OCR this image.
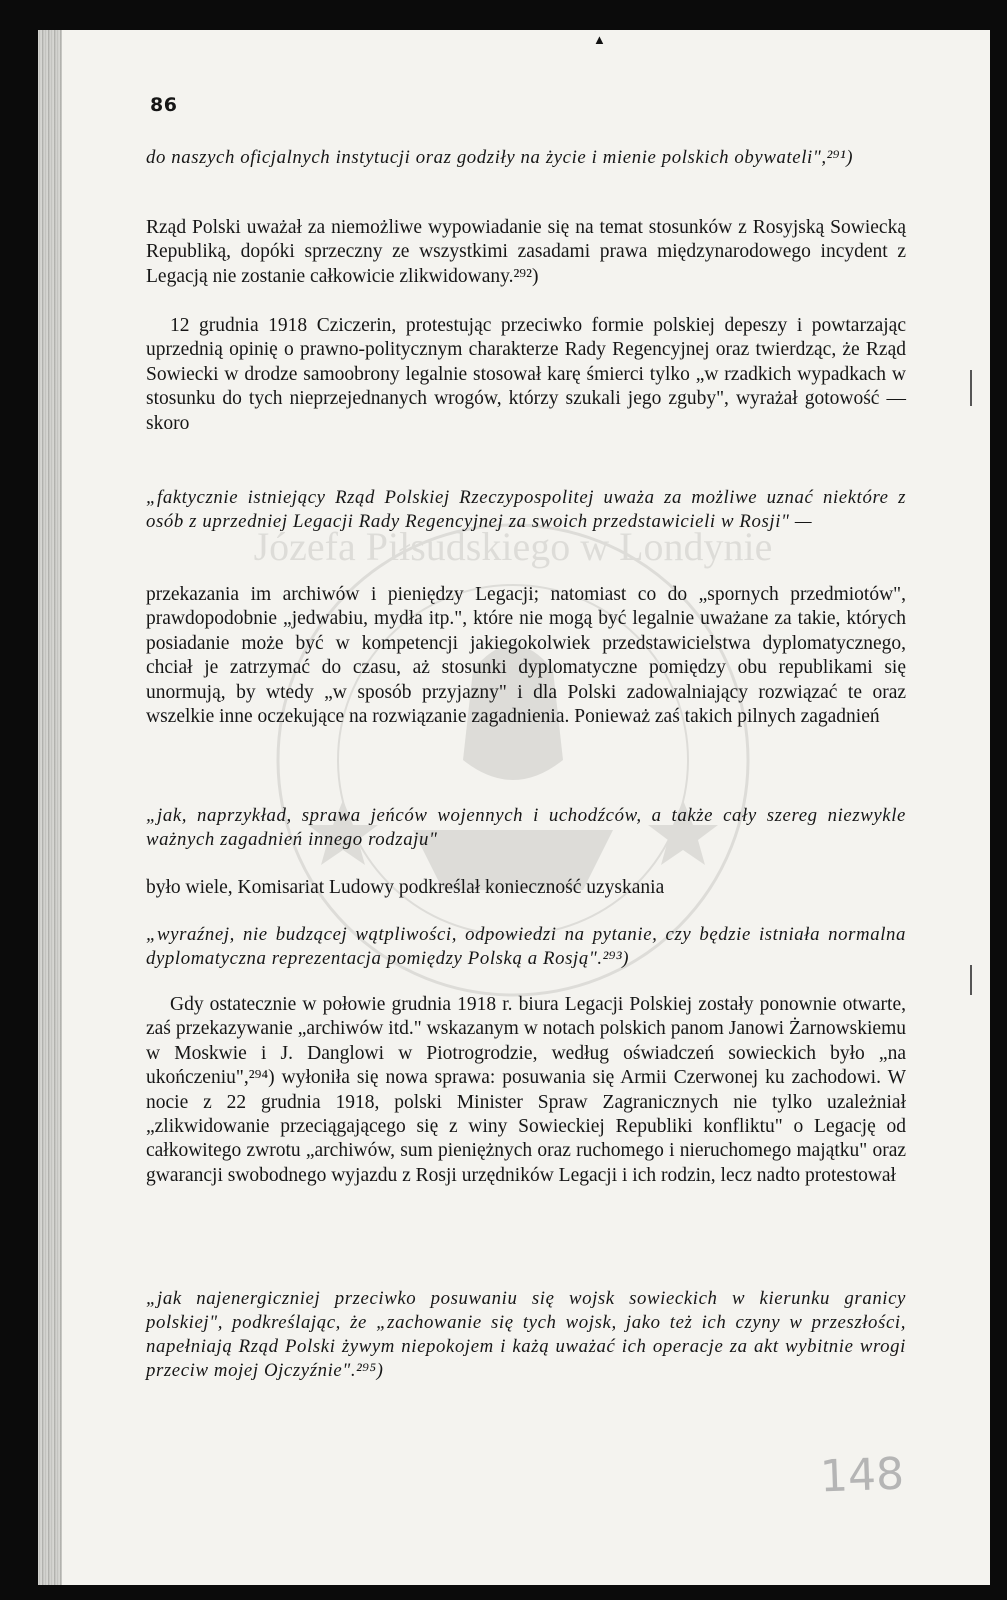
▲
Józefa Piłsudskiego w Londynie
86

do naszych oficjalnych instytucji oraz godziły na życie i mienie polskich obywateli",²⁹¹)

Rząd Polski uważał za niemożliwe wypowiadanie się na temat stosunków z Rosyjską Sowiecką Republiką, dopóki sprzeczny ze wszystkimi zasadami prawa międzynarodowego incydent z Legacją nie zostanie całkowicie zlikwidowany.²⁹²)

12 grudnia 1918 Cziczerin, protestując przeciwko formie polskiej depeszy i powtarzając uprzednią opinię o prawno-politycznym charakterze Rady Regencyjnej oraz twierdząc, że Rząd Sowiecki w drodze samoobrony legalnie stosował karę śmierci tylko „w rzadkich wypadkach w stosunku do tych nieprzejednanych wrogów, którzy szukali jego zguby", wyrażał gotowość — skoro

„faktycznie istniejący Rząd Polskiej Rzeczypospolitej uważa za możliwe uznać niektóre z osób z uprzedniej Legacji Rady Regencyjnej za swoich przedstawicieli w Rosji" —

przekazania im archiwów i pieniędzy Legacji; natomiast co do „spornych przedmiotów", prawdopodobnie „jedwabiu, mydła itp.", które nie mogą być legalnie uważane za takie, których posiadanie może być w kompetencji jakiegokolwiek przedstawicielstwa dyplomatycznego, chciał je zatrzymać do czasu, aż stosunki dyplomatyczne pomiędzy obu republikami się unormują, by wtedy „w sposób przyjazny" i dla Polski zadowalniający rozwiązać te oraz wszelkie inne oczekujące na rozwiązanie zagadnienia. Ponieważ zaś takich pilnych zagadnień

„jak, naprzykład, sprawa jeńców wojennych i uchodźców, a także cały szereg niezwykle ważnych zagadnień innego rodzaju"

było wiele, Komisariat Ludowy podkreślał konieczność uzyskania

„wyraźnej, nie budzącej wątpliwości, odpowiedzi na pytanie, czy będzie istniała normalna dyplomatyczna reprezentacja pomiędzy Polską a Rosją".²⁹³)

Gdy ostatecznie w połowie grudnia 1918 r. biura Legacji Polskiej zostały ponownie otwarte, zaś przekazywanie „archiwów itd." wskazanym w notach polskich panom Janowi Żarnowskiemu w Moskwie i J. Danglowi w Piotrogrodzie, według oświadczeń sowieckich było „na ukończeniu",²⁹⁴) wyłoniła się nowa sprawa: posuwania się Armii Czerwonej ku zachodowi. W nocie z 22 grudnia 1918, polski Minister Spraw Zagranicznych nie tylko uzależniał „zlikwidowanie przeciągającego się z winy Sowieckiej Republiki konfliktu" o Legację od całkowitego zwrotu „archiwów, sum pieniężnych oraz ruchomego i nieruchomego majątku" oraz gwarancji swobodnego wyjazdu z Rosji urzędników Legacji i ich rodzin, lecz nadto protestował

„jak najenergiczniej przeciwko posuwaniu się wojsk sowieckich w kierunku granicy polskiej", podkreślając, że „zachowanie się tych wojsk, jako też ich czyny w przeszłości, napełniają Rząd Polski żywym niepokojem i każą uważać ich operacje za akt wybitnie wrogi przeciw mojej Ojczyźnie".²⁹⁵)

148
